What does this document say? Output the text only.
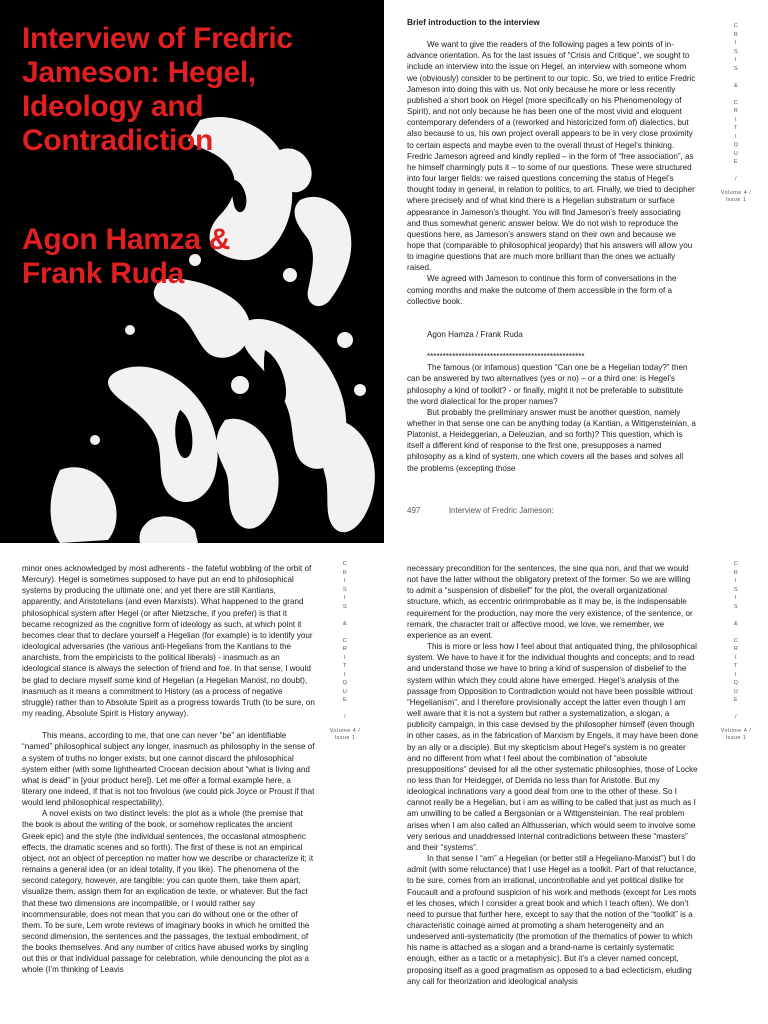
Interview of Fredric
Jameson: Hegel,
Ideology and
Contradiction
Agon Hamza &
Frank Ruda

Brief introduction to the interview

We want to give the readers of the following pages a few points of in-advance orientation. As for the last issues of “Crisis and Critique”, we sought to include an interview into the issue on Hegel, an interview with someone whom we (obviously) consider to be pertinent to our topic. So, we tried to entice Fredric Jameson into doing this with us. Not only because he more or less recently published a short book on Hegel (more specifically on his Phenomenology of Spirit), and not only because he has been one of the most vivid and eloquent contemporary defenders of a (reworked and historicized form of) dialectics, but also because to us, his own project overall appears to be in very close proximity to certain aspects and maybe even to the overall thrust of Hegel’s thinking. Fredric Jameson agreed and kindly replied – in the form of “free association”, as he himself charmingly puts it – to some of our questions. These were structured into four larger fields: we raised questions concerning the status of Hegel’s thought today in general, in relation to politics, to art. Finally, we tried to decipher where precisely and of what kind there is a Hegelian substratum or surface appearance in Jameson’s thought. You will find Jameson’s freely associating and thus somewhat generic answer below. We do not wish to reproduce the questions here, as Jameson’s answers stand on their own and because we hope that (comparable to philosophical jeopardy) that his answers will allow you to imagine questions that are much more brilliant than the ones we actually raised.

We agreed with Jameson to continue this form of conversations in the coming months and make the outcome of them accessible in the form of a collective book.

Agon Hamza / Frank Ruda

**************************************************

The famous (or infamous) question “Can one be a Hegelian today?” then can be answered by two alternatives (yes or no) – or a third one: is Hegel’s philosophy a kind of toolkit? - or finally, might it not be preferable to substitute the word dialectical for the proper names?

But probably the preliminary answer must be another question, namely whether in that sense one can be anything today (a Kantian, a Wittgensteinian, a Platonist, a Heideggerian, a Deleuzian, and so forth)? This question, which is itself a different kind of response to the first one, presupposes a named philosophy as a kind of system, one which covers all the bases and solves all the problems (excepting those

497	Interview of Fredric Jameson:
C
R
I
S
I
S

&

C
R
I
T
I
Q
U
E

/
Volume 4 /
Issue 1
C
R
I
S
I
S

&

C
R
I
T
I
Q
U
E

/
Volume 4 /
Issue 1
C
R
I
S
I
S

&

C
R
I
T
I
Q
U
E

/
Volume 4 /
Issue 1

minor ones acknowledged by most adherents - the fateful wobbling of the orbit of Mercury). Hegel is sometimes supposed to have put an end to philosophical systems by producing the ultimate one; and yet there are still Kantians, apparently, and Aristotelians (and even Marxists). What happened to the grand philosophical system after Hegel (or after Nietzsche, if you prefer) is that it became recognized as the cognitive form of ideology as such, at which point it becomes clear that to declare yourself a Hegelian (for example) is to identify your ideological adversaries (the various anti-Hegelians from the Kantians to the anarchists, from the empiricists to the political liberals) - inasmuch as an ideological stance is always the selection of friend and foe. In that sense, I would be glad to declare myself some kind of Hegelian (a Hegelian Marxist, no doubt), inasmuch as it means a commitment to History (as a process of negative struggle) rather than to Absolute Spirit as a progress towards Truth (to be sure, on my reading, Absolute Spirit is History anyway).

This means, according to me, that one can never “be” an identifiable “named” philosophical subject any longer, inasmuch as philosophy in the sense of a system of truths no longer exists; but one cannot discard the philosophical system either (with some lighthearted Crocean decision about “what is living and what is dead” in [your product here]). Let me offer a formal example here, a literary one indeed, if that is not too frivolous (we could pick Joyce or Proust if that would lend philosophical respectability).

A novel exists on two distinct levels: the plot as a whole (the premise that the book is about the writing of the book, or somehow replicates the ancient Greek epic) and the style (the individual sentences, the occasional atmospheric effects, the dramatic scenes and so forth). The first of these is not an empirical object, not an object of perception no matter how we describe or characterize it; it remains a general idea (or an ideal totality, if you like). The phenomena of the second category, however, are tangible: you can quote them, take them apart, visualize them, assign them for an explication de texte, or whatever. But the fact that these two dimensions are incompatible, or I would rather say incommensurable, does not mean that you can do without one or the other of them. To be sure, Lem wrote reviews of imaginary books in which he omitted the second dimension, the sentences and the passages, the textual embodiment, of the books themselves. And any number of critics have abused works by singling out this or that individual passage for celebration, while denouncing the plot as a whole (I’m thinking of Leavis

necessary precondition for the sentences, the sine qua non, and that we would not have the latter without the obligatory pretext of the former. So we are willing to admit a “suspension of disbelief” for the plot, the overall organizational structure, which, as eccentric oririmprobable as it may be, is the indispensable requirement for the production, nay more the very existence, of the sentence, or remark, the character trait or affective mood, we love, we remember, we experience as an event.

This is more or less how I feel about that antiquated thing, the philosophical system. We have to have it for the individual thoughts and concepts; and to read and understand those we have to bring a kind of suspension of disbelief to the system within which they could alone have emerged. Hegel’s analysis of the passage from Opposition to Contradiction would not have been possible without “Hegelianism”, and I therefore provisionally accept the latter even though I am well aware that it is not a system but rather a systematization, a slogan, a publicity campaign, in this case devised by the philosopher himself (even though in other cases, as in the fabrication of Marxism by Engels, it may have been done by an ally or a disciple). But my skepticism about Hegel’s system is no greater and no different from what I feel about the combination of “absolute presuppositions” devised for all the other systematic philosophies, those of Locke no less than for Heidegger, of Derrida no less than for Aristotle. But my ideological inclinations vary a good deal from one to the other of these. So I cannot really be a Hegelian, but i am as willing to be called that just as much as I am unwilling to be called a Bergsonian or a Wittgensteinian. The real problem arises when I am also called an Althusserian, which would seem to involve some very serious and unaddressed internal contradictions between these “masters” and their “systems”.

In that sense I “am” a Hegelian (or better still a Hegeliano-Marxist”) but I do admit (with some reluctance) that I use Hegel as a toolkit. Part of that reluctance, to be sure, comes from an irrational, uncontrollable and yet political dislike for Foucault and a profound suspicion of his work and methods (except for Les mots et les choses, which I consider a great book and which I teach often). We don’t need to pursue that further here, except to say that the notion of the “toolkit” is a characteristic coinage aimed at promoting a sham heterogeneity and an undeserved anti-systematicity (the promotion of the thematics of power to which his name is attached as a slogan and a brand-name is certainly systematic enough, either as a tactic or a metaphysic). But it’s a clever named concept, proposing itself as a good pragmatism as opposed to a bad eclecticism, eluding any call for theorization and ideological analysis
